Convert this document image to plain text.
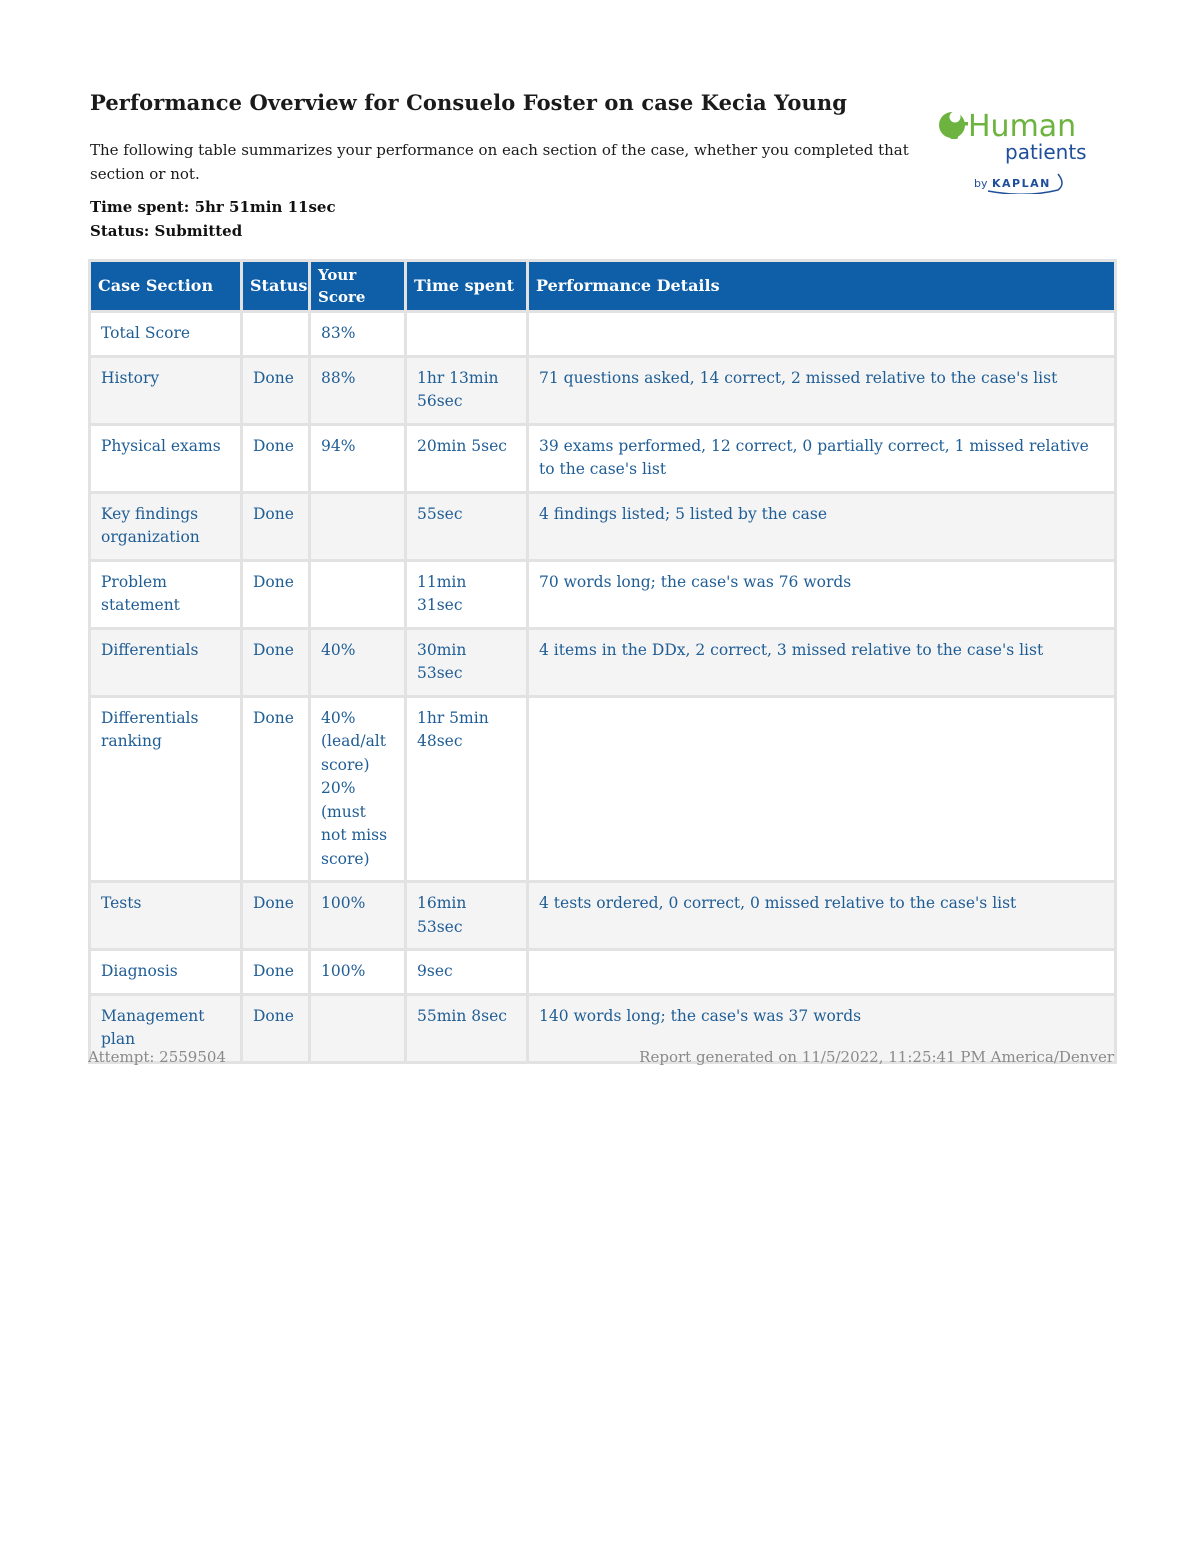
Performance Overview for Consuelo Foster on case Kecia Young
The following table summarizes your performance on each section of the case, whether you completed that section or not.
Time spent: 5hr 51min 11sec
Status: Submitted
Human
patients
by KAPLAN
Case Section	Status	Your Score	Time spent	Performance Details
Total Score		83%		
History	Done	88%	1hr 13min 56sec	71 questions asked, 14 correct, 2 missed relative to the case's list
Physical exams	Done	94%	20min 5sec	39 exams performed, 12 correct, 0 partially correct, 1 missed relative to the case's list
Key findings organization	Done		55sec	4 findings listed; 5 listed by the case
Problem statement	Done		11min 31sec	70 words long; the case's was 76 words
Differentials	Done	40%	30min 53sec	4 items in the DDx, 2 correct, 3 missed relative to the case's list
Differentials ranking	Done	40% (lead/alt score) 20% (must not miss score)	1hr 5min 48sec	
Tests	Done	100%	16min 53sec	4 tests ordered, 0 correct, 0 missed relative to the case's list
Diagnosis	Done	100%	9sec	
Management plan	Done		55min 8sec	140 words long; the case's was 37 words
Attempt: 2559504	Report generated on 11/5/2022, 11:25:41 PM America/Denver
